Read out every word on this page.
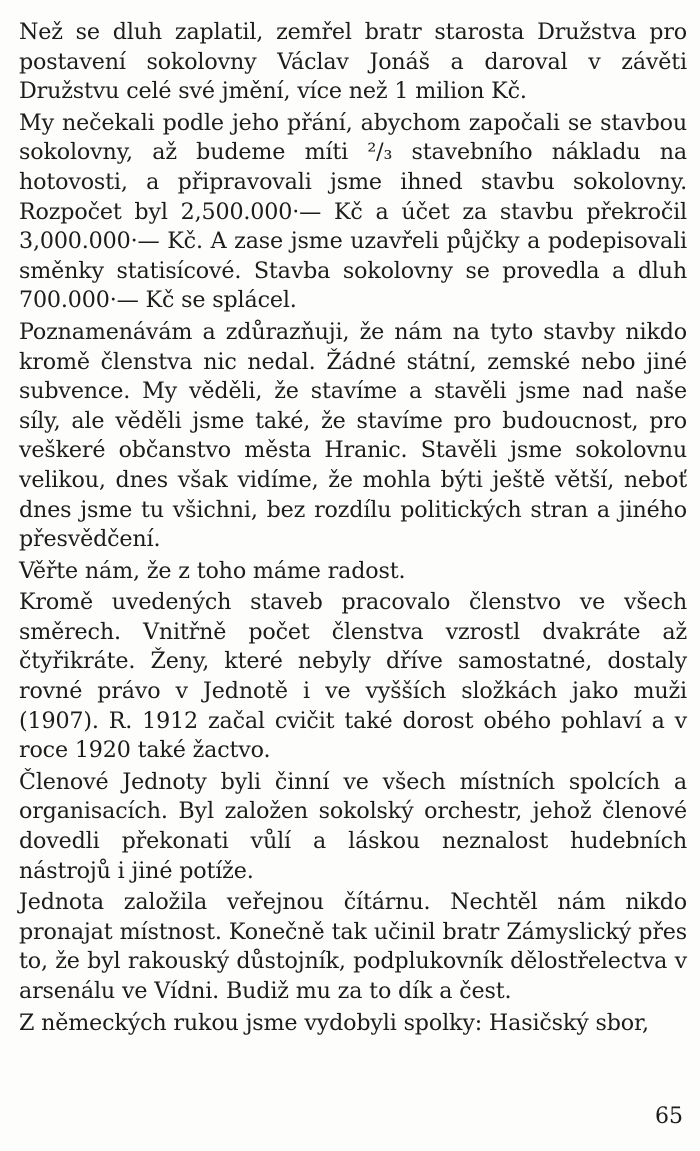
Než se dluh zaplatil, zemřel bratr starosta Družstva pro postavení sokolovny Václav Jonáš a daroval v závěti Družstvu celé své jmění, více než 1 milion Kč.

My nečekali podle jeho přání, abychom započali se stavbou sokolovny, až budeme míti ²/₃ stavebního nákladu na hotovosti, a připravovali jsme ihned stavbu sokolovny. Rozpočet byl 2,500.000·— Kč a účet za stavbu překročil 3,000.000·— Kč. A zase jsme uzavřeli půjčky a podepisovali směnky statisícové. Stavba sokolovny se provedla a dluh 700.000·— Kč se splácel.

Poznamenávám a zdůrazňuji, že nám na tyto stavby nikdo kromě členstva nic nedal. Žádné státní, zemské nebo jiné subvence. My věděli, že stavíme a stavěli jsme nad naše síly, ale věděli jsme také, že stavíme pro budoucnost, pro veškeré občanstvo města Hranic. Stavěli jsme sokolovnu velikou, dnes však vidíme, že mohla býti ještě větší, neboť dnes jsme tu všichni, bez rozdílu politických stran a jiného přesvědčení.

Věřte nám, že z toho máme radost.

Kromě uvedených staveb pracovalo členstvo ve všech směrech. Vnitřně počet členstva vzrostl dvakráte až čtyřikráte. Ženy, které nebyly dříve samostatné, dostaly rovné právo v Jednotě i ve vyšších složkách jako muži (1907). R. 1912 začal cvičit také dorost obého pohlaví a v roce 1920 také žactvo.

Členové Jednoty byli činní ve všech místních spolcích a organisacích. Byl založen sokolský orchestr, jehož členové dovedli překonati vůlí a láskou neznalost hudebních nástrojů i jiné potíže.

Jednota založila veřejnou čítárnu. Nechtěl nám nikdo pronajat místnost. Konečně tak učinil bratr Zámyslický přes to, že byl rakouský důstojník, podplukovník dělostřelectva v arsenálu ve Vídni. Budiž mu za to dík a čest.

Z německých rukou jsme vydobyli spolky: Hasičský sbor,

65
